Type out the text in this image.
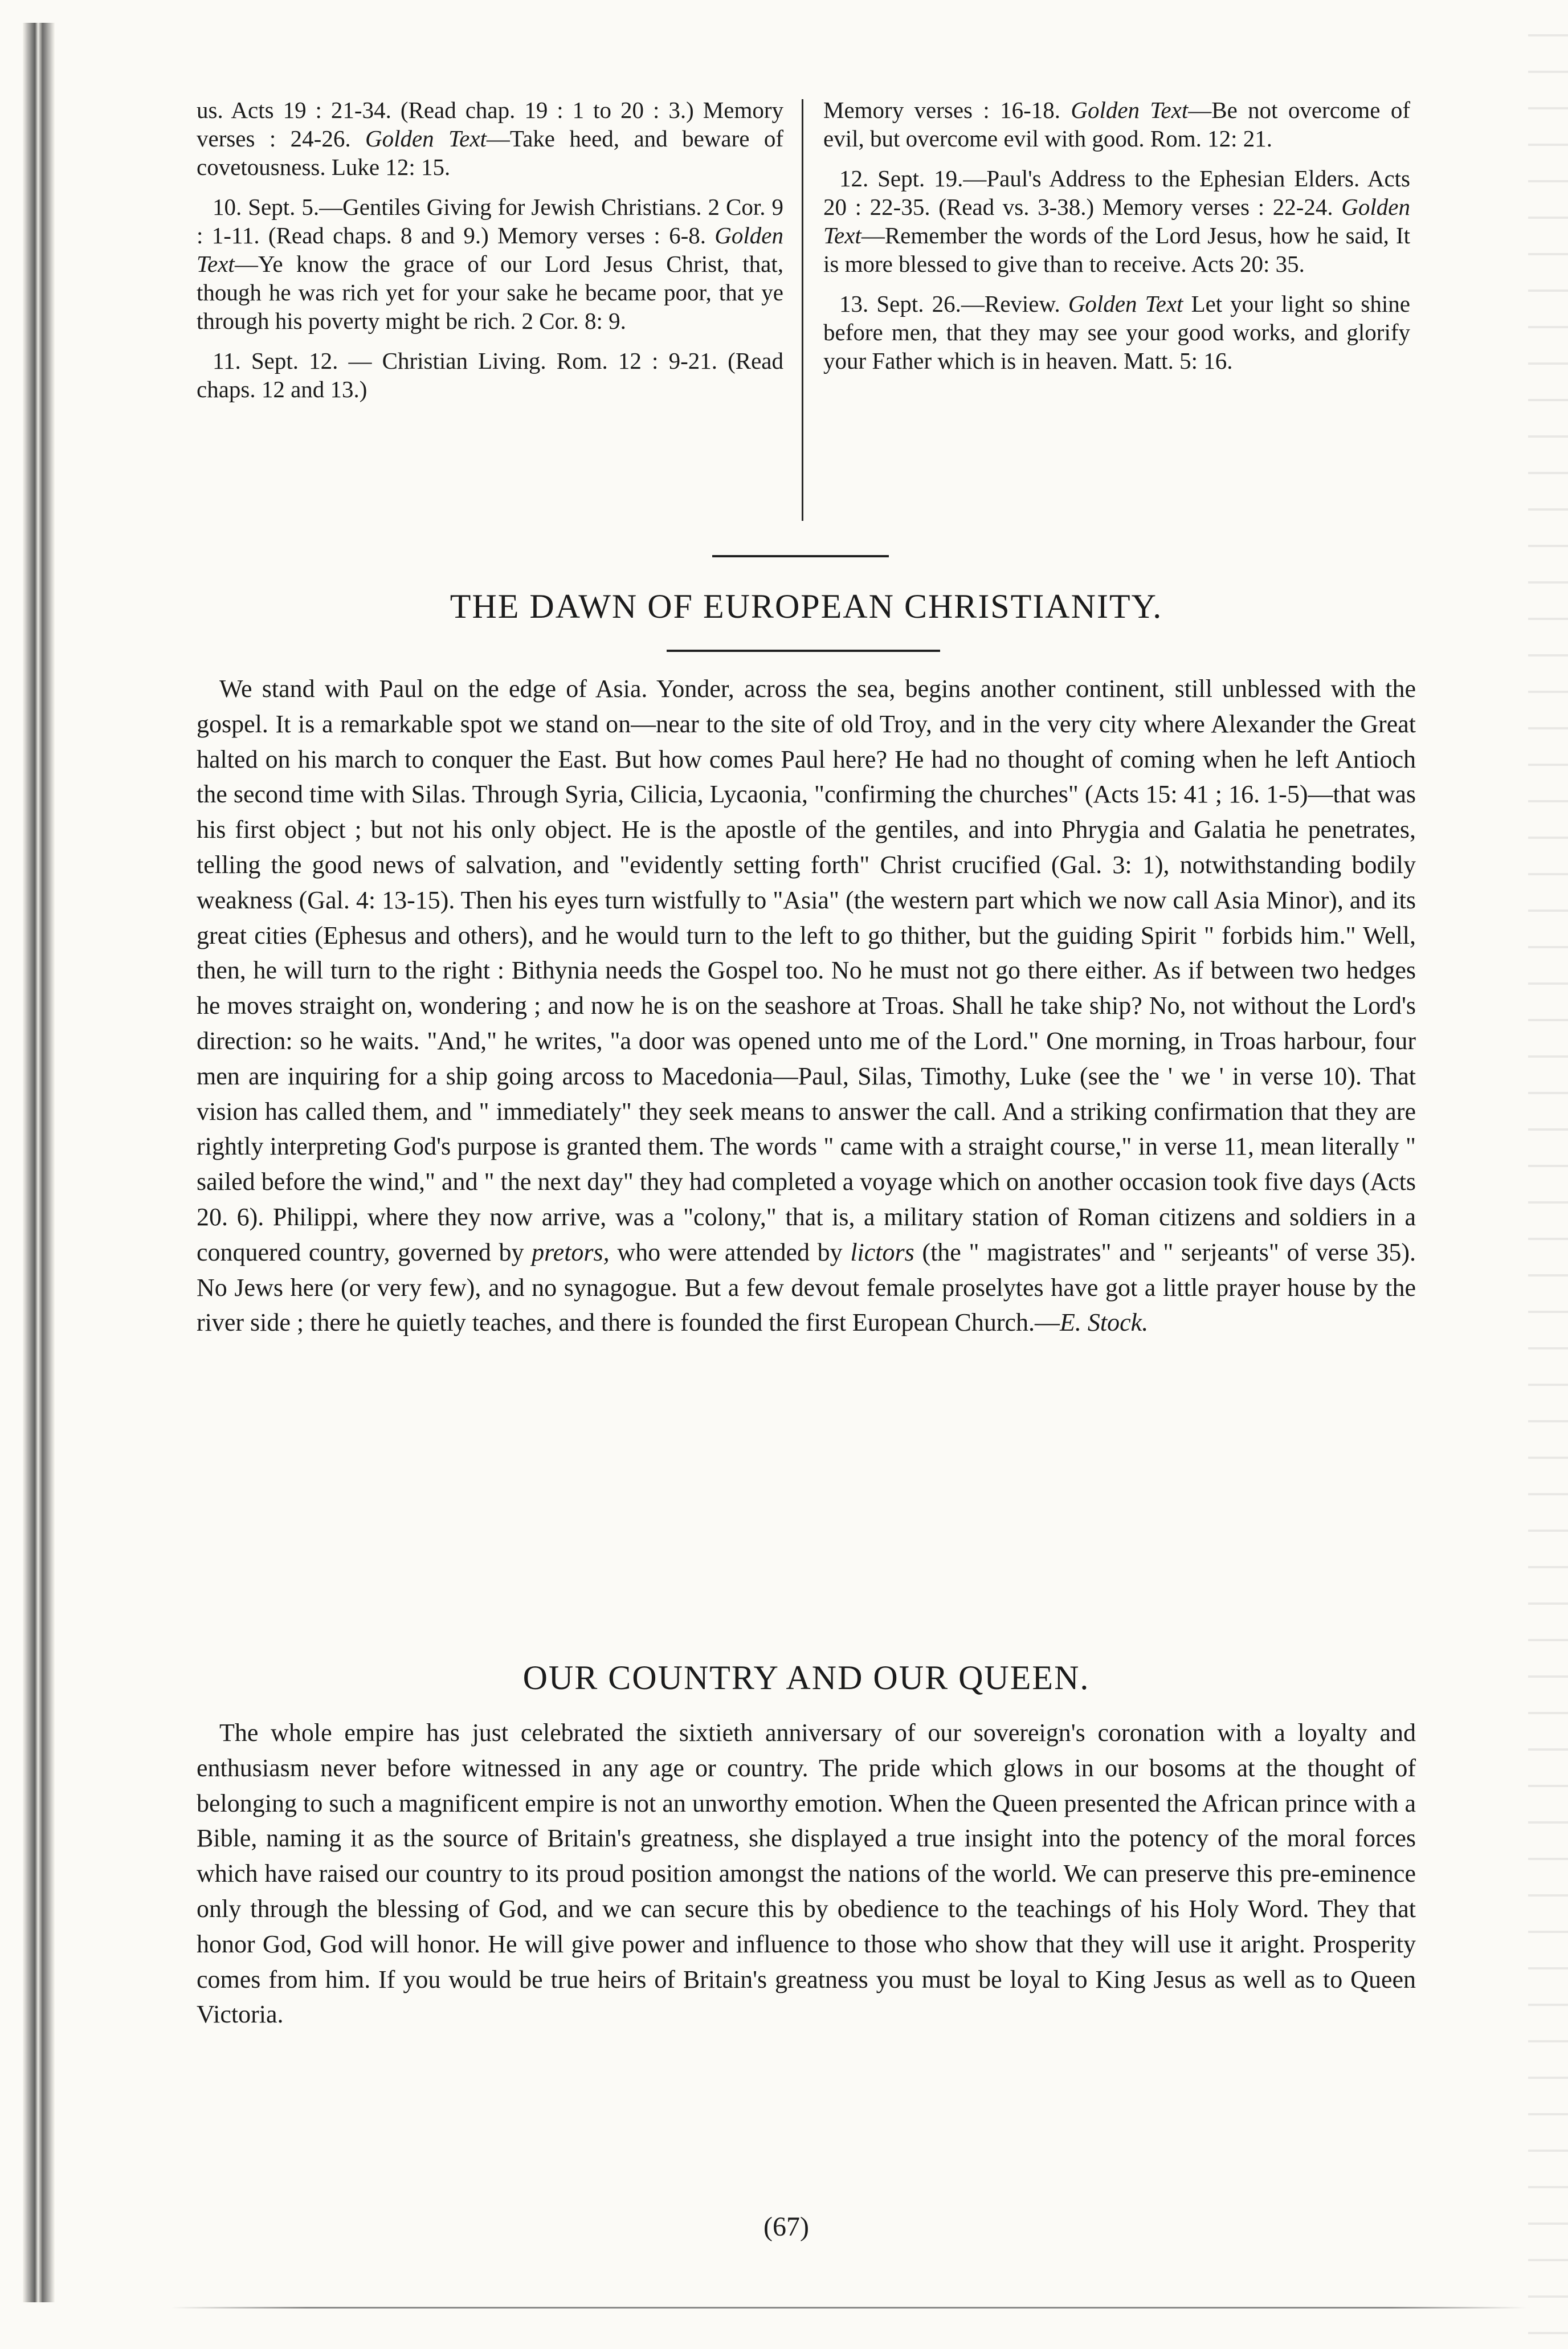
us. Acts 19 : 21-34. (Read chap. 19 : 1 to 20 : 3.) Memory verses : 24-26. Golden Text—Take heed, and beware of covetousness. Luke 12: 15.

10. Sept. 5.—Gentiles Giving for Jewish Christians. 2 Cor. 9 : 1-11. (Read chaps. 8 and 9.) Memory verses : 6-8. Golden Text—Ye know the grace of our Lord Jesus Christ, that, though he was rich yet for your sake he became poor, that ye through his poverty might be rich. 2 Cor. 8: 9.

11. Sept. 12. — Christian Living. Rom. 12 : 9-21. (Read chaps. 12 and 13.)

Memory verses : 16-18. Golden Text—Be not overcome of evil, but overcome evil with good. Rom. 12: 21.

12. Sept. 19.—Paul's Address to the Ephesian Elders. Acts 20 : 22-35. (Read vs. 3-38.) Memory verses : 22-24. Golden Text—Remember the words of the Lord Jesus, how he said, It is more blessed to give than to receive. Acts 20: 35.

13. Sept. 26.—Review. Golden Text Let your light so shine before men, that they may see your good works, and glorify your Father which is in heaven. Matt. 5: 16.

THE DAWN OF EUROPEAN CHRISTIANITY.

We stand with Paul on the edge of Asia. Yonder, across the sea, begins another continent, still unblessed with the gospel. It is a remarkable spot we stand on—near to the site of old Troy, and in the very city where Alexander the Great halted on his march to conquer the East. But how comes Paul here? He had no thought of coming when he left Antioch the second time with Silas. Through Syria, Cilicia, Lycaonia, "confirming the churches" (Acts 15: 41 ; 16. 1-5)—that was his first object ; but not his only object. He is the apostle of the gentiles, and into Phrygia and Galatia he penetrates, telling the good news of salvation, and "evidently setting forth" Christ crucified (Gal. 3: 1), notwithstanding bodily weakness (Gal. 4: 13-15). Then his eyes turn wistfully to "Asia" (the western part which we now call Asia Minor), and its great cities (Ephesus and others), and he would turn to the left to go thither, but the guiding Spirit " forbids him." Well, then, he will turn to the right : Bithynia needs the Gospel too. No he must not go there either. As if between two hedges he moves straight on, wondering ; and now he is on the seashore at Troas. Shall he take ship? No, not without the Lord's direction: so he waits. "And," he writes, "a door was opened unto me of the Lord." One morning, in Troas harbour, four men are inquiring for a ship going arcoss to Macedonia—Paul, Silas, Timothy, Luke (see the ' we ' in verse 10). That vision has called them, and " immediately" they seek means to answer the call. And a striking confirmation that they are rightly interpreting God's purpose is granted them. The words " came with a straight course," in verse 11, mean literally " sailed before the wind," and " the next day" they had completed a voyage which on another occasion took five days (Acts 20. 6). Philippi, where they now arrive, was a "colony," that is, a military station of Roman citizens and soldiers in a conquered country, governed by pretors, who were attended by lictors (the " magistrates" and " serjeants" of verse 35). No Jews here (or very few), and no synagogue. But a few devout female proselytes have got a little prayer house by the river side ; there he quietly teaches, and there is founded the first European Church.—E. Stock.

OUR COUNTRY AND OUR QUEEN.

The whole empire has just celebrated the sixtieth anniversary of our sovereign's coronation with a loyalty and enthusiasm never before witnessed in any age or country. The pride which glows in our bosoms at the thought of belonging to such a magnificent empire is not an unworthy emotion. When the Queen presented the African prince with a Bible, naming it as the source of Britain's greatness, she displayed a true insight into the potency of the moral forces which have raised our country to its proud position amongst the nations of the world. We can preserve this pre-eminence only through the blessing of God, and we can secure this by obedience to the teachings of his Holy Word. They that honor God, God will honor. He will give power and influence to those who show that they will use it aright. Prosperity comes from him. If you would be true heirs of Britain's greatness you must be loyal to King Jesus as well as to Queen Victoria.

(67)
